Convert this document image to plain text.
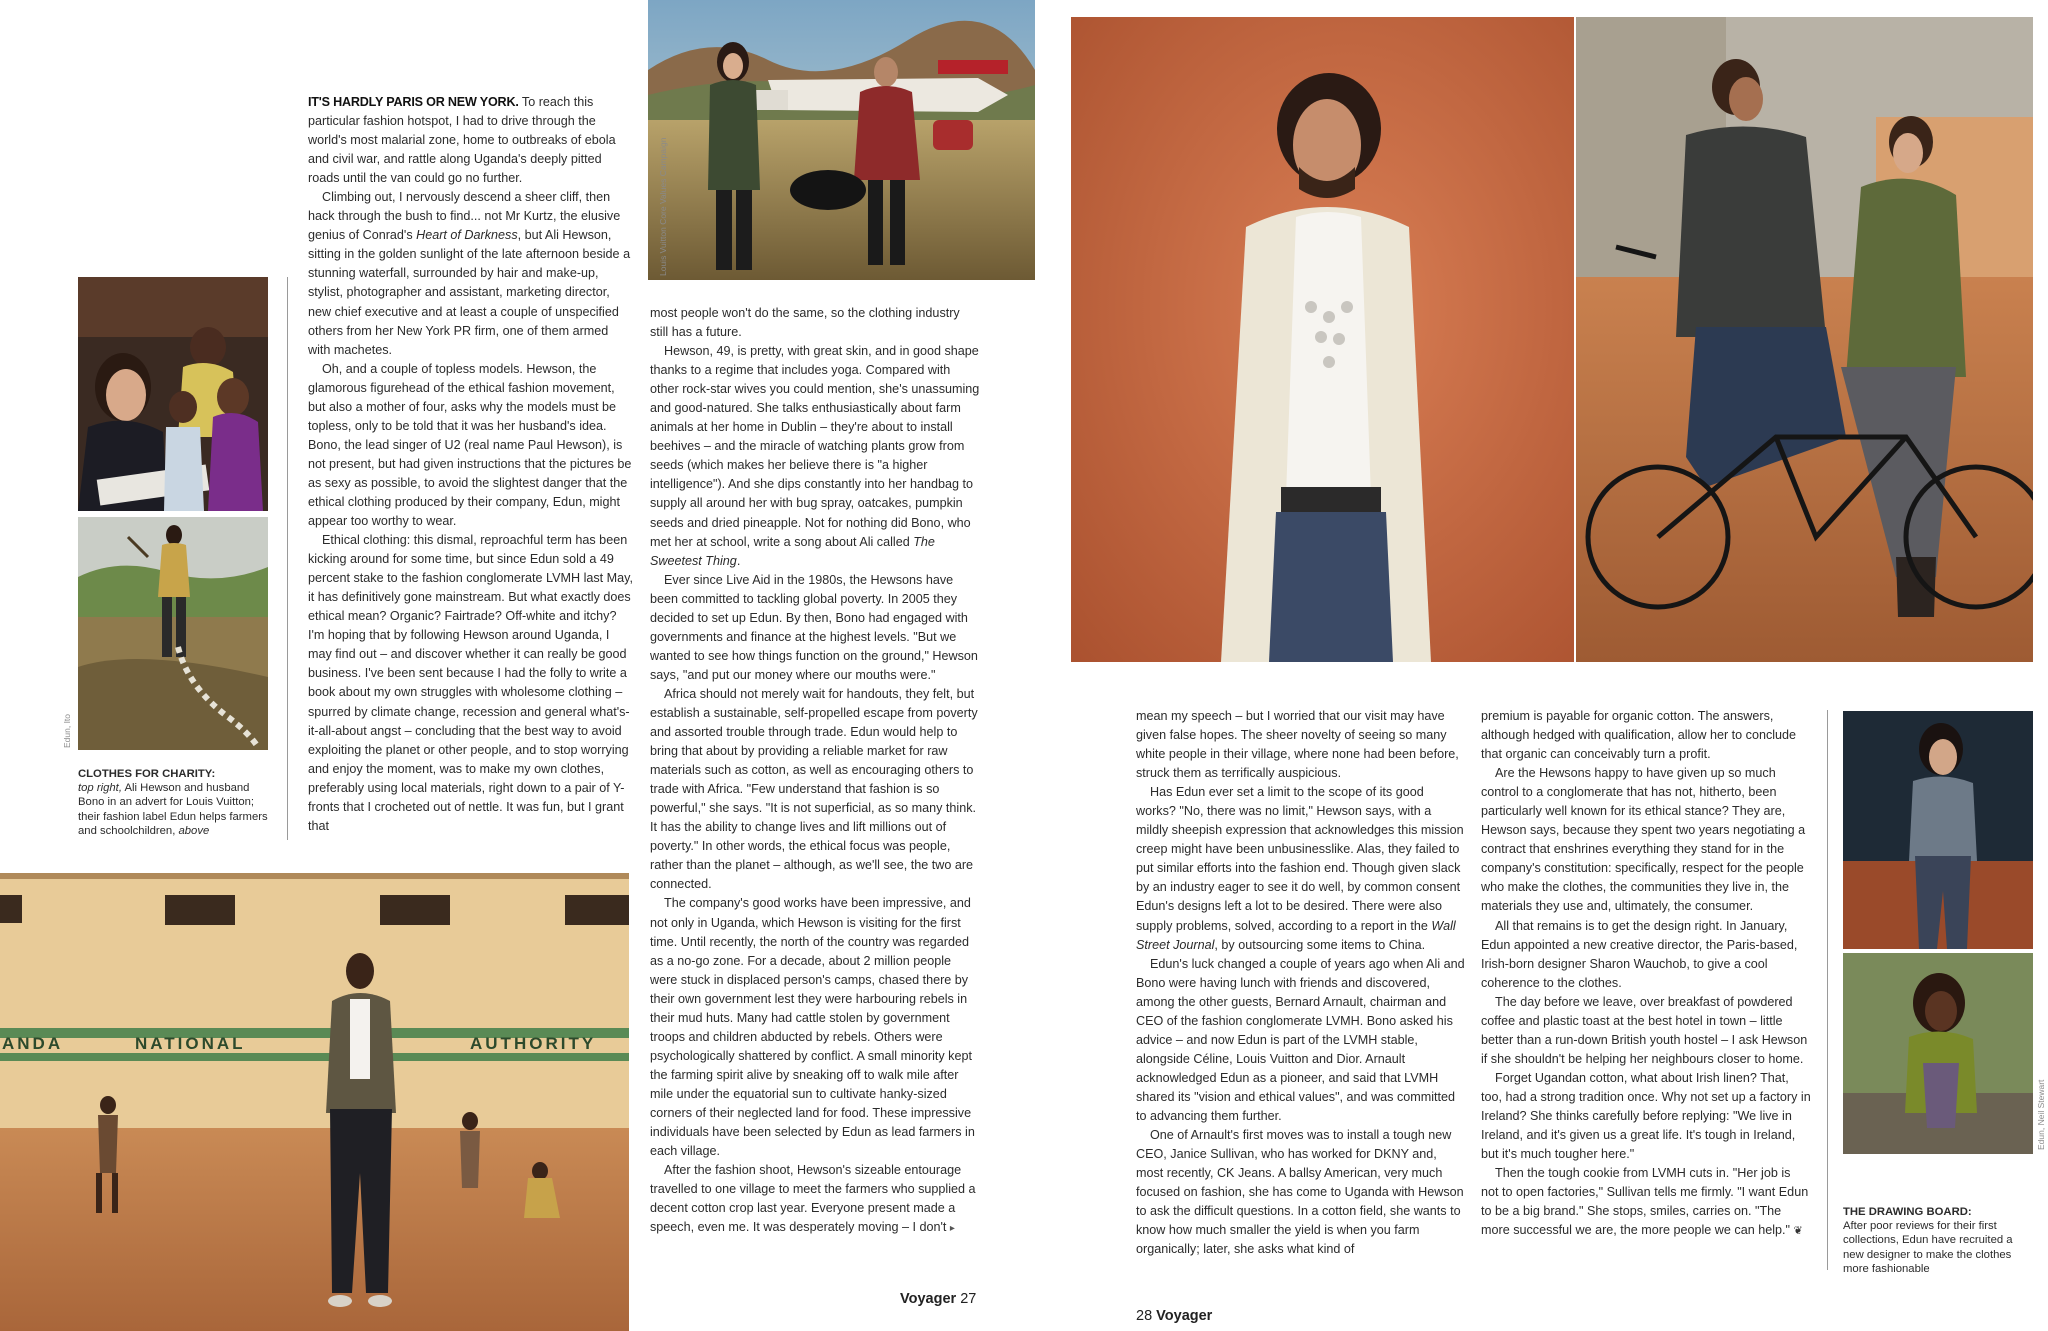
Louis Vuitton Core Values Campaign
Edun, Ito
CLOTHES FOR CHARITY:
top right, Ali Hewson and husband Bono in an advert for Louis Vuitton; their fashion label Edun helps farmers and schoolchildren, above

IT'S HARDLY PARIS OR NEW YORK. To reach this particular fashion hotspot, I had to drive through the world's most malarial zone, home to outbreaks of ebola and civil war, and rattle along Uganda's deeply pitted roads until the van could go no further.

Climbing out, I nervously descend a sheer cliff, then hack through the bush to find... not Mr Kurtz, the elusive genius of Conrad's Heart of Darkness, but Ali Hewson, sitting in the golden sunlight of the late afternoon beside a stunning waterfall, surrounded by hair and make-up, stylist, photographer and assistant, marketing director, new chief executive and at least a couple of unspecified others from her New York PR firm, one of them armed with machetes.

Oh, and a couple of topless models. Hewson, the glamorous figurehead of the ethical fashion movement, but also a mother of four, asks why the models must be topless, only to be told that it was her husband's idea. Bono, the lead singer of U2 (real name Paul Hewson), is not present, but had given instructions that the pictures be as sexy as possible, to avoid the slightest danger that the ethical clothing produced by their company, Edun, might appear too worthy to wear.

Ethical clothing: this dismal, reproachful term has been kicking around for some time, but since Edun sold a 49 percent stake to the fashion conglomerate LVMH last May, it has definitively gone mainstream. But what exactly does ethical mean? Organic? Fairtrade? Off-white and itchy? I'm hoping that by following Hewson around Uganda, I may find out – and discover whether it can really be good business. I've been sent because I had the folly to write a book about my own struggles with wholesome clothing – spurred by climate change, recession and general what's-it-all-about angst – concluding that the best way to avoid exploiting the planet or other people, and to stop worrying and enjoy the moment, was to make my own clothes, preferably using local materials, right down to a pair of Y-fronts that I crocheted out of nettle. It was fun, but I grant that

most people won't do the same, so the clothing industry still has a future.

Hewson, 49, is pretty, with great skin, and in good shape thanks to a regime that includes yoga. Compared with other rock-star wives you could mention, she's unassuming and good-natured. She talks enthusiastically about farm animals at her home in Dublin – they're about to install beehives – and the miracle of watching plants grow from seeds (which makes her believe there is "a higher intelligence"). And she dips constantly into her handbag to supply all around her with bug spray, oatcakes, pumpkin seeds and dried pineapple. Not for nothing did Bono, who met her at school, write a song about Ali called The Sweetest Thing.

Ever since Live Aid in the 1980s, the Hewsons have been committed to tackling global poverty. In 2005 they decided to set up Edun. By then, Bono had engaged with governments and finance at the highest levels. "But we wanted to see how things function on the ground," Hewson says, "and put our money where our mouths were."

Africa should not merely wait for handouts, they felt, but establish a sustainable, self-propelled escape from poverty and assorted trouble through trade. Edun would help to bring that about by providing a reliable market for raw materials such as cotton, as well as encouraging others to trade with Africa. "Few understand that fashion is so powerful," she says. "It is not superficial, as so many think. It has the ability to change lives and lift millions out of poverty." In other words, the ethical focus was people, rather than the planet – although, as we'll see, the two are connected.

The company's good works have been impressive, and not only in Uganda, which Hewson is visiting for the first time. Until recently, the north of the country was regarded as a no-go zone. For a decade, about 2 million people were stuck in displaced person's camps, chased there by their own government lest they were harbouring rebels in their mud huts. Many had cattle stolen by government troops and children abducted by rebels. Others were psychologically shattered by conflict. A small minority kept the farming spirit alive by sneaking off to walk mile after mile under the equatorial sun to cultivate hanky-sized corners of their neglected land for food. These impressive individuals have been selected by Edun as lead farmers in each village.

After the fashion shoot, Hewson's sizeable entourage travelled to one village to meet the farmers who supplied a decent cotton crop last year. Everyone present made a speech, even me. It was desperately moving – I don't ▸

ANDA	NATIONAL	AUTHORITY
Voyager 27

mean my speech – but I worried that our visit may have given false hopes. The sheer novelty of seeing so many white people in their village, where none had been before, struck them as terrifically auspicious.

Has Edun ever set a limit to the scope of its good works? "No, there was no limit," Hewson says, with a mildly sheepish expression that acknowledges this mission creep might have been unbusinesslike. Alas, they failed to put similar efforts into the fashion end. Though given slack by an industry eager to see it do well, by common consent Edun's designs left a lot to be desired. There were also supply problems, solved, according to a report in the Wall Street Journal, by outsourcing some items to China.

Edun's luck changed a couple of years ago when Ali and Bono were having lunch with friends and discovered, among the other guests, Bernard Arnault, chairman and CEO of the fashion conglomerate LVMH. Bono asked his advice – and now Edun is part of the LVMH stable, alongside Céline, Louis Vuitton and Dior. Arnault acknowledged Edun as a pioneer, and said that LVMH shared its "vision and ethical values", and was committed to advancing them further.

One of Arnault's first moves was to install a tough new CEO, Janice Sullivan, who has worked for DKNY and, most recently, CK Jeans. A ballsy American, very much focused on fashion, she has come to Uganda with Hewson to ask the difficult questions. In a cotton field, she wants to know how much smaller the yield is when you farm organically; later, she asks what kind of

premium is payable for organic cotton. The answers, although hedged with qualification, allow her to conclude that organic can conceivably turn a profit.

Are the Hewsons happy to have given up so much control to a conglomerate that has not, hitherto, been particularly well known for its ethical stance? They are, Hewson says, because they spent two years negotiating a contract that enshrines everything they stand for in the company's constitution: specifically, respect for the people who make the clothes, the communities they live in, the materials they use and, ultimately, the consumer.

All that remains is to get the design right. In January, Edun appointed a new creative director, the Paris-based, Irish-born designer Sharon Wauchob, to give a cool coherence to the clothes.

The day before we leave, over breakfast of powdered coffee and plastic toast at the best hotel in town – little better than a run-down British youth hostel – I ask Hewson if she shouldn't be helping her neighbours closer to home.

Forget Ugandan cotton, what about Irish linen? That, too, had a strong tradition once. Why not set up a factory in Ireland? She thinks carefully before replying: "We live in Ireland, and it's given us a great life. It's tough in Ireland, but it's much tougher here."

Then the tough cookie from LVMH cuts in. "Her job is not to open factories," Sullivan tells me firmly. "I want Edun to be a big brand." She stops, smiles, carries on. "The more successful we are, the more people we can help." ❦

Edun, Neil Stewart
THE DRAWING BOARD:
After poor reviews for their first collections, Edun have recruited a new designer to make the clothes more fashionable
28 Voyager
